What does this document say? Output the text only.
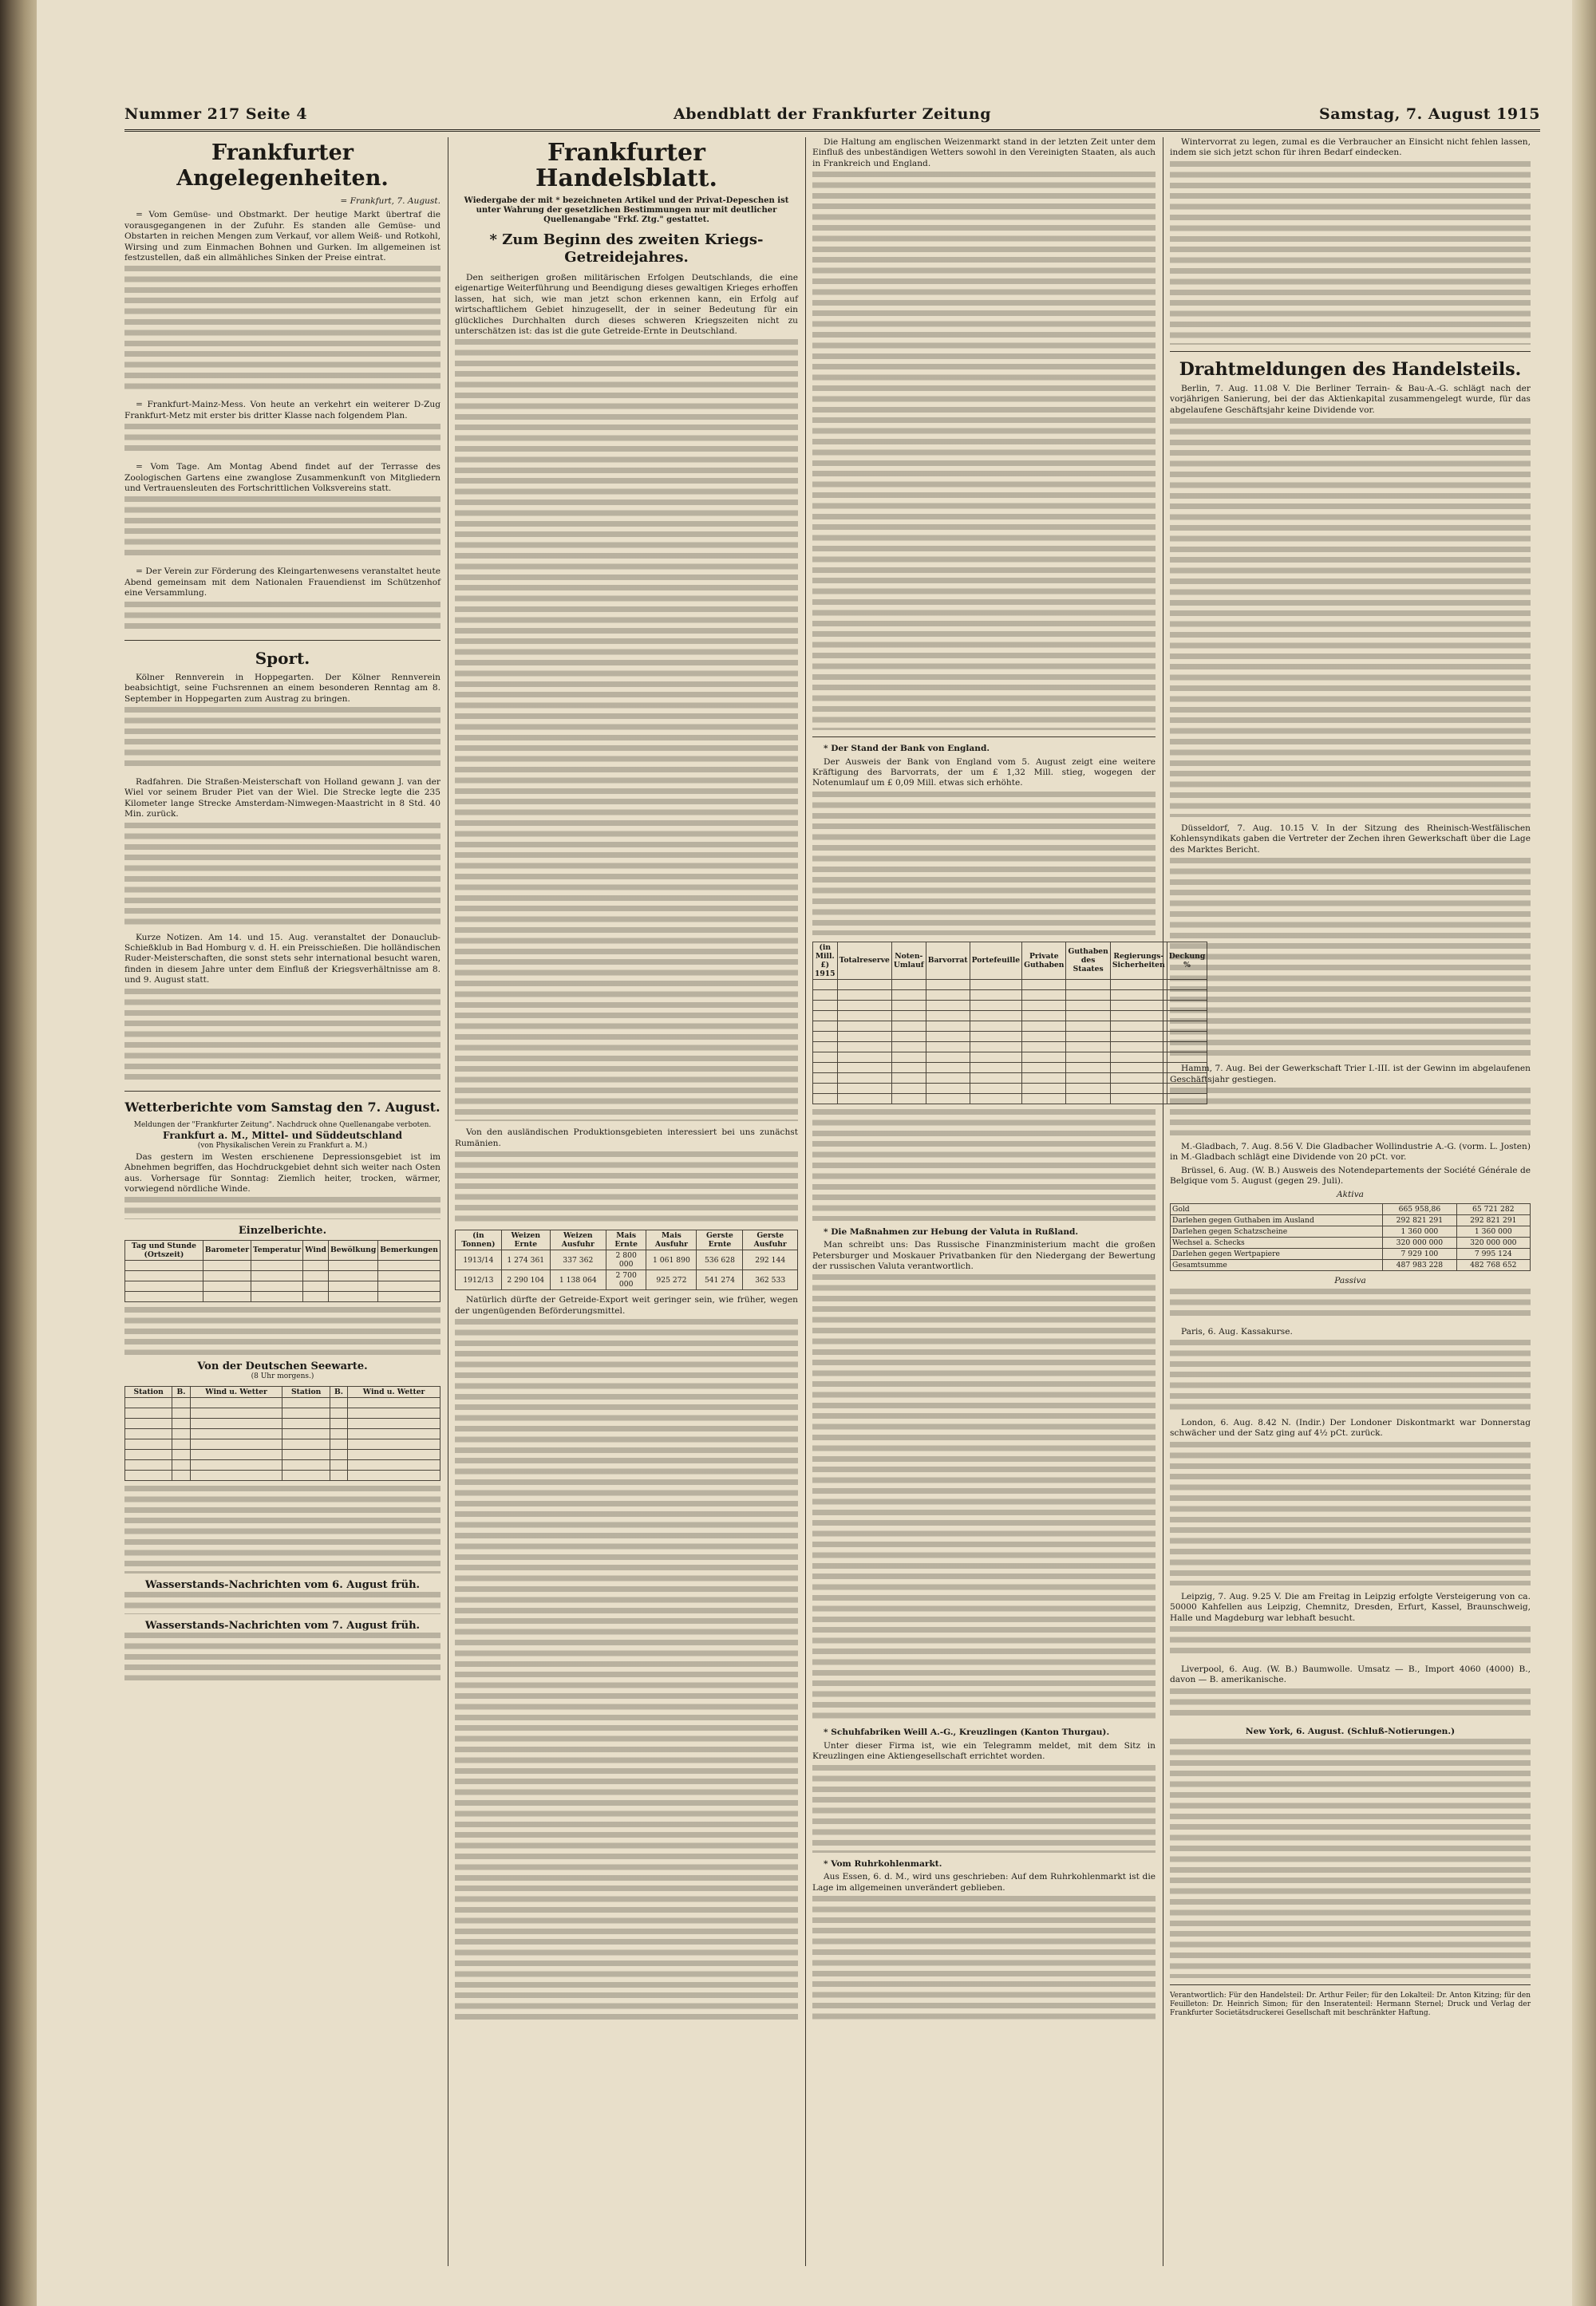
Nummer 217 Seite 4	Abendblatt der Frankfurter Zeitung	Samstag, 7. August 1915
Frankfurter Angelegenheiten.
= Frankfurt, 7. August.

= Vom Gemüse- und Obstmarkt. Der heutige Markt übertraf die vorausgegangenen in der Zufuhr. Es standen alle Gemüse- und Obstarten in reichen Mengen zum Verkauf, vor allem Weiß- und Rotkohl, Wirsing und zum Einmachen Bohnen und Gurken. Im allgemeinen ist festzustellen, daß ein allmähliches Sinken der Preise eintrat.

= Frankfurt-Mainz-Mess. Von heute an verkehrt ein weiterer D-Zug Frankfurt-Metz mit erster bis dritter Klasse nach folgendem Plan.

= Vom Tage. Am Montag Abend findet auf der Terrasse des Zoologischen Gartens eine zwanglose Zusammenkunft von Mitgliedern und Vertrauensleuten des Fortschrittlichen Volksvereins statt.

= Der Verein zur Förderung des Kleingartenwesens veranstaltet heute Abend gemeinsam mit dem Nationalen Frauendienst im Schützenhof eine Versammlung.

Sport.

Kölner Rennverein in Hoppegarten. Der Kölner Rennverein beabsichtigt, seine Fuchsrennen an einem besonderen Renntag am 8. September in Hoppegarten zum Austrag zu bringen.

Radfahren. Die Straßen-Meisterschaft von Holland gewann J. van der Wiel vor seinem Bruder Piet van der Wiel. Die Strecke legte die 235 Kilometer lange Strecke Amsterdam-Nimwegen-Maastricht in 8 Std. 40 Min. zurück.

Kurze Notizen. Am 14. und 15. Aug. veranstaltet der Donauclub-Schießklub in Bad Homburg v. d. H. ein Preisschießen. Die holländischen Ruder-Meisterschaften, die sonst stets sehr international besucht waren, finden in diesem Jahre unter dem Einfluß der Kriegsverhältnisse am 8. und 9. August statt.

Wetterberichte vom Samstag den 7. August.
Meldungen der "Frankfurter Zeitung". Nachdruck ohne Quellenangabe verboten.
Frankfurt a. M., Mittel- und Süddeutschland
(von Physikalischen Verein zu Frankfurt a. M.)

Das gestern im Westen erschienene Depressionsgebiet ist im Abnehmen begriffen, das Hochdruckgebiet dehnt sich weiter nach Osten aus. Vorhersage für Sonntag: Ziemlich heiter, trocken, wärmer, vorwiegend nördliche Winde.

Einzelberichte.
Tag und Stunde (Ortszeit)	Barometer	Temperatur	Wind	Bewölkung	Bemerkungen

Von der Deutschen Seewarte.
(8 Uhr morgens.)
Station	B.	Wind u. Wetter	Station	B.	Wind u. Wetter

Wasserstands-Nachrichten vom 6. August früh.
Wasserstands-Nachrichten vom 7. August früh.
Frankfurter Handelsblatt.
Wiedergabe der mit * bezeichneten Artikel und der Privat-Depeschen ist unter Wahrung der gesetzlichen Bestimmungen nur mit deutlicher Quellenangabe "Frkf. Ztg." gestattet.
* Zum Beginn des zweiten Kriegs-Getreidejahres.

Den seitherigen großen militärischen Erfolgen Deutschlands, die eine eigenartige Weiterführung und Beendigung dieses gewaltigen Krieges erhoffen lassen, hat sich, wie man jetzt schon erkennen kann, ein Erfolg auf wirtschaftlichem Gebiet hinzugesellt, der in seiner Bedeutung für ein glückliches Durchhalten durch dieses schweren Kriegszeiten nicht zu unterschätzen ist: das ist die gute Getreide-Ernte in Deutschland.

Von den ausländischen Produktionsgebieten interessiert bei uns zunächst Rumänien.

(in Tonnen)	Weizen Ernte	Weizen Ausfuhr	Mais Ernte	Mais Ausfuhr	Gerste Ernte	Gerste Ausfuhr
1913/14	1 274 361	337 362	2 800 000	1 061 890	536 628	292 144
1912/13	2 290 104	1 138 064	2 700 000	925 272	541 274	362 533

Natürlich dürfte der Getreide-Export weit geringer sein, wie früher, wegen der ungenügenden Beförderungsmittel.

Die Haltung am englischen Weizenmarkt stand in der letzten Zeit unter dem Einfluß des unbeständigen Wetters sowohl in den Vereinigten Staaten, als auch in Frankreich und England.

* Der Stand der Bank von England.

Der Ausweis der Bank von England vom 5. August zeigt eine weitere Kräftigung des Barvorrats, der um £ 1,32 Mill. stieg, wogegen der Notenumlauf um £ 0,09 Mill. etwas sich erhöhte.

(in Mill. £) 1915	Totalreserve	Noten-Umlauf	Barvorrat	Portefeuille	Private Guthaben	Guthaben des Staates	Regierungs-Sicherheiten	Deckung %

* Die Maßnahmen zur Hebung der Valuta in Rußland.

Man schreibt uns: Das Russische Finanzministerium macht die großen Petersburger und Moskauer Privatbanken für den Niedergang der Bewertung der russischen Valuta verantwortlich.

* Schuhfabriken Weill A.-G., Kreuzlingen (Kanton Thurgau).

Unter dieser Firma ist, wie ein Telegramm meldet, mit dem Sitz in Kreuzlingen eine Aktiengesellschaft errichtet worden.

* Vom Ruhrkohlenmarkt.

Aus Essen, 6. d. M., wird uns geschrieben: Auf dem Ruhrkohlenmarkt ist die Lage im allgemeinen unverändert geblieben.

Wintervorrat zu legen, zumal es die Verbraucher an Einsicht nicht fehlen lassen, indem sie sich jetzt schon für ihren Bedarf eindecken.

Drahtmeldungen des Handelsteils.

Berlin, 7. Aug. 11.08 V. Die Berliner Terrain- & Bau-A.-G. schlägt nach der vorjährigen Sanierung, bei der das Aktienkapital zusammengelegt wurde, für das abgelaufene Geschäftsjahr keine Dividende vor.

Düsseldorf, 7. Aug. 10.15 V. In der Sitzung des Rheinisch-Westfälischen Kohlensyndikats gaben die Vertreter der Zechen ihren Gewerkschaft über die Lage des Marktes Bericht.

Hamm, 7. Aug. Bei der Gewerkschaft Trier I.-III. ist der Gewinn im abgelaufenen Geschäftsjahr gestiegen.

M.-Gladbach, 7. Aug. 8.56 V. Die Gladbacher Wollindustrie A.-G. (vorm. L. Josten) in M.-Gladbach schlägt eine Dividende von 20 pCt. vor.

Brüssel, 6. Aug. (W. B.) Ausweis des Notendepartements der Société Générale de Belgique vom 5. August (gegen 29. Juli).

Aktiva
Gold	665 958,86	65 721 282
Darlehen gegen Guthaben im Ausland	292 821 291	292 821 291
Darlehen gegen Schatzscheine	1 360 000	1 360 000
Wechsel a. Schecks	320 000 000	320 000 000
Darlehen gegen Wertpapiere	7 929 100	7 995 124
Gesamtsumme	487 983 228	482 768 652
Passiva

Paris, 6. Aug. Kassakurse.

London, 6. Aug. 8.42 N. (Indir.) Der Londoner Diskontmarkt war Donnerstag schwächer und der Satz ging auf 4½ pCt. zurück.

Leipzig, 7. Aug. 9.25 V. Die am Freitag in Leipzig erfolgte Versteigerung von ca. 50000 Kahfellen aus Leipzig, Chemnitz, Dresden, Erfurt, Kassel, Braunschweig, Halle und Magdeburg war lebhaft besucht.

Liverpool, 6. Aug. (W. B.) Baumwolle. Umsatz — B., Import 4060 (4000) B., davon — B. amerikanische.

New York, 6. August. (Schluß-Notierungen.)
Verantwortlich: Für den Handelsteil: Dr. Arthur Feiler; für den Lokalteil: Dr. Anton Kitzing; für den Feuilleton: Dr. Heinrich Simon; für den Inseratenteil: Hermann Sternel; Druck und Verlag der Frankfurter Societätsdruckerei Gesellschaft mit beschränkter Haftung.
